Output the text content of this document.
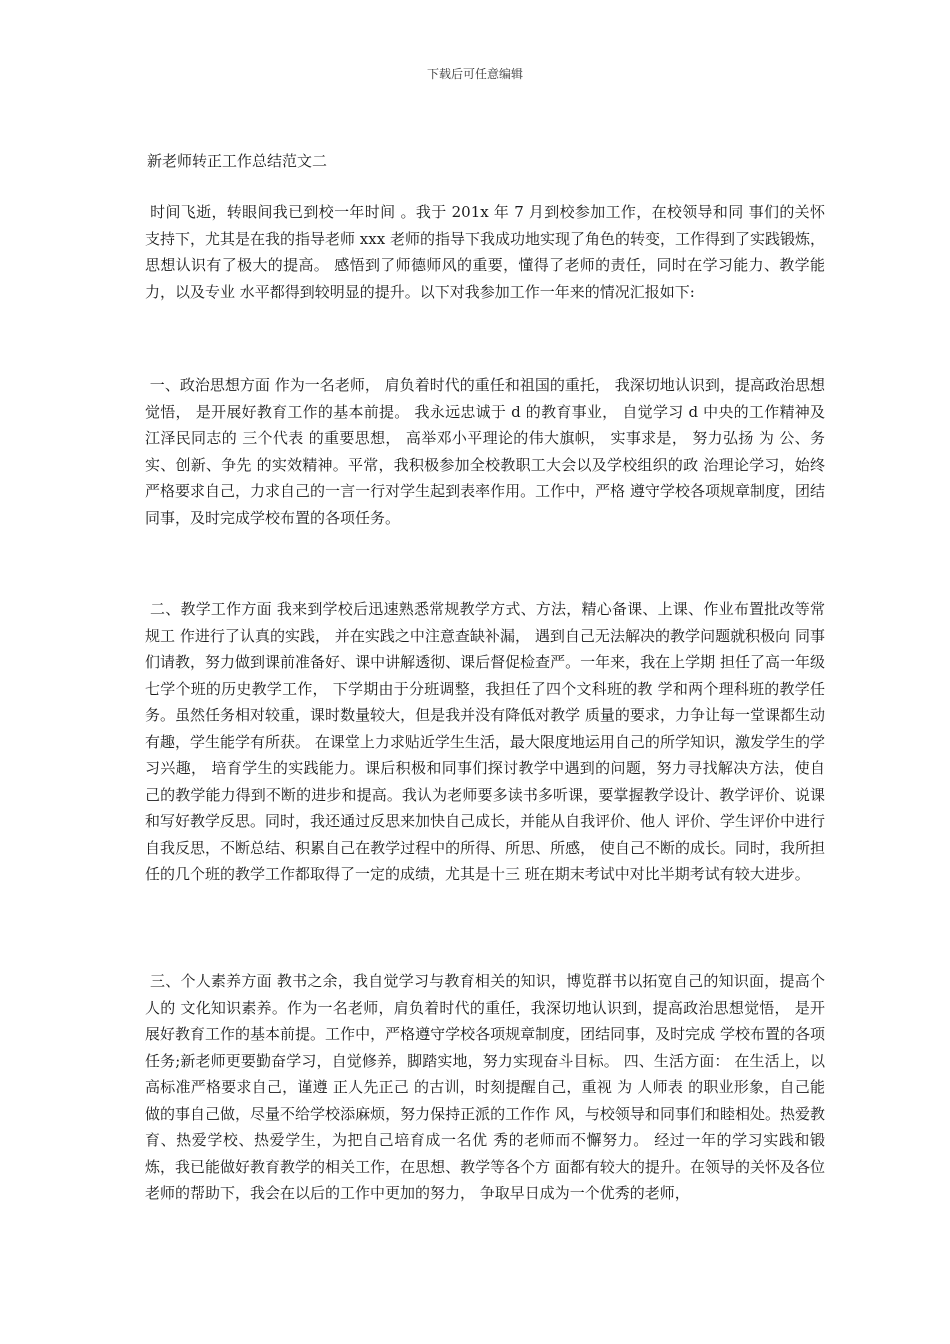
下载后可任意编辑
新老师转正工作总结范文二

时间飞逝，转眼间我已到校一年时间 。我于 201x 年 7 月到校参加工作，在校领导和同 事们的关怀支持下，尤其是在我的指导老师 xxx 老师的指导下我成功地实现了角色的转变，工作得到了实践锻炼，思想认识有了极大的提高。 感悟到了师德师风的重要，懂得了老师的责任，同时在学习能力、教学能力，以及专业 水平都得到较明显的提升。以下对我参加工作一年来的情况汇报如下:

一、政治思想方面 作为一名老师， 肩负着时代的重任和祖国的重托， 我深切地认识到，提高政治思想觉悟， 是开展好教育工作的基本前提。 我永远忠诚于 d 的教育事业， 自觉学习 d 中央的工作精神及 江泽民同志的 三个代表 的重要思想， 高举邓小平理论的伟大旗帜， 实事求是， 努力弘扬 为 公、务实、创新、争先 的实效精神。平常，我积极参加全校教职工大会以及学校组织的政 治理论学习，始终严格要求自己，力求自己的一言一行对学生起到表率作用。工作中，严格 遵守学校各项规章制度，团结同事，及时完成学校布置的各项任务。

二、教学工作方面 我来到学校后迅速熟悉常规教学方式、方法，精心备课、上课、作业布置批改等常规工 作进行了认真的实践， 并在实践之中注意查缺补漏， 遇到自己无法解决的教学问题就积极向 同事们请教，努力做到课前准备好、课中讲解透彻、课后督促检查严。一年来，我在上学期 担任了高一年级七学个班的历史教学工作， 下学期由于分班调整，我担任了四个文科班的教 学和两个理科班的教学任务。虽然任务相对较重，课时数量较大，但是我并没有降低对教学 质量的要求，力争让每一堂课都生动有趣，学生能学有所获。 在课堂上力求贴近学生生活，最大限度地运用自己的所学知识，激发学生的学习兴趣， 培育学生的实践能力。课后积极和同事们探讨教学中遇到的问题，努力寻找解决方法，使自 己的教学能力得到不断的进步和提高。我认为老师要多读书多听课，要掌握教学设计、教学评价、说课和写好教学反思。同时，我还通过反思来加快自己成长，并能从自我评价、他人 评价、学生评价中进行自我反思，不断总结、积累自己在教学过程中的所得、所思、所感， 使自己不断的成长。同时，我所担任的几个班的教学工作都取得了一定的成绩，尤其是十三 班在期末考试中对比半期考试有较大进步。

三、个人素养方面 教书之余，我自觉学习与教育相关的知识，博览群书以拓宽自己的知识面，提高个人的 文化知识素养。作为一名老师，肩负着时代的重任，我深切地认识到，提高政治思想觉悟， 是开展好教育工作的基本前提。工作中，严格遵守学校各项规章制度，团结同事，及时完成 学校布置的各项任务;新老师更要勤奋学习，自觉修养，脚踏实地，努力实现奋斗目标。 四、生活方面： 在生活上，以高标准严格要求自己，谨遵 正人先正己 的古训，时刻提醒自己，重视 为 人师表 的职业形象，自己能做的事自己做，尽量不给学校添麻烦，努力保持正派的工作作 风，与校领导和同事们和睦相处。热爱教育、热爱学校、热爱学生，为把自己培育成一名优 秀的老师而不懈努力。 经过一年的学习实践和锻炼，我已能做好教育教学的相关工作，在思想、教学等各个方 面都有较大的提升。在领导的关怀及各位老师的帮助下，我会在以后的工作中更加的努力， 争取早日成为一个优秀的老师，
